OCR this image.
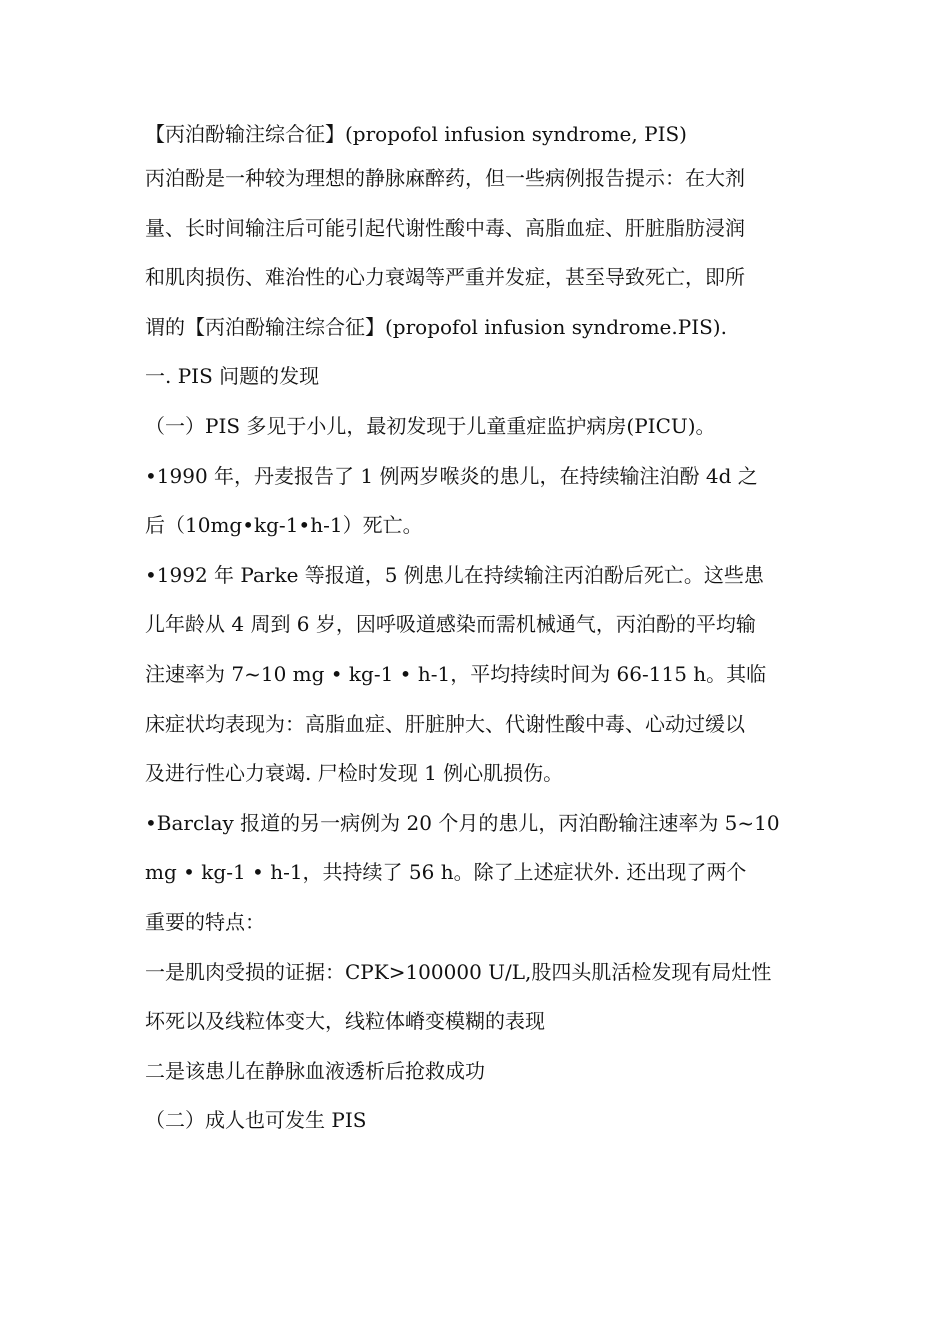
【丙泊酚输注综合征】(propofol infusion syndrome, PIS)
丙泊酚是一种较为理想的静脉麻醉药，但一些病例报告提示：在大剂
量、长时间输注后可能引起代谢性酸中毒、高脂血症、肝脏脂肪浸润
和肌肉损伤、难治性的心力衰竭等严重并发症，甚至导致死亡，即所
谓的【丙泊酚输注综合征】(propofol infusion syndrome.PIS).
一. PIS 问题的发现
（一）PIS 多见于小儿，最初发现于儿童重症监护病房(PICU)。
•1990 年，丹麦报告了 1 例两岁喉炎的患儿，在持续输注泊酚 4d 之
后（10mg•kg-1•h-1）死亡。
•1992 年 Parke 等报道，5 例患儿在持续输注丙泊酚后死亡。这些患
儿年龄从 4 周到 6 岁，因呼吸道感染而需机械通气，丙泊酚的平均输
注速率为 7~10 mg • kg-1 • h-1，平均持续时间为 66-115 h。其临
床症状均表现为：高脂血症、肝脏肿大、代谢性酸中毒、心动过缓以
及进行性心力衰竭. 尸检时发现 1 例心肌损伤。
•Barclay 报道的另一病例为 20 个月的患儿，丙泊酚输注速率为 5~10
mg • kg-1 • h-1，共持续了 56 h。除了上述症状外. 还出现了两个
重要的特点：
一是肌肉受损的证据：CPK>100000 U/L,股四头肌活检发现有局灶性
坏死以及线粒体变大，线粒体嵴变模糊的表现
二是该患儿在静脉血液透析后抢救成功
（二）成人也可发生 PIS
